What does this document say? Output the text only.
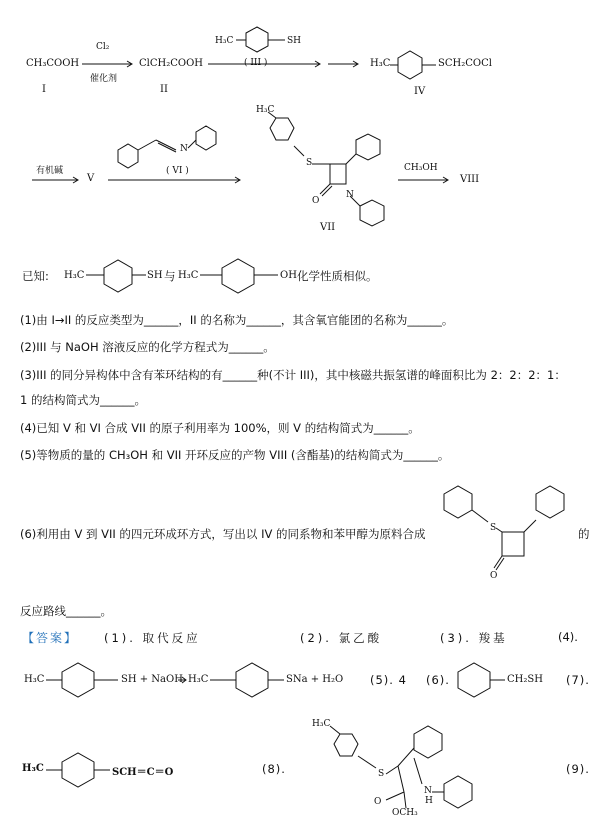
CH₃COOH
I
Cl₂
催化剂
ClCH₂COOH
II
H₃C	SH
( III )	H₃C	SCH₂COCl
IV
有机碱
V
N
( VI )
H₃C
S
N
O
VII
CH₃OH
VIII
已知: H₃C	SH 与 H₃C	OH 化学性质相似。
(1)由 I→II 的反应类型为______，II 的名称为______，其含氧官能团的名称为______。
(2)III 与 NaOH 溶液反应的化学方程式为______。
(3)III 的同分异构体中含有苯环结构的有______种(不计 III)，其中核磁共振氢谱的峰面积比为 2：2：2：1：
1 的结构简式为______。
(4)已知 V 和 VI 合成 VII 的原子利用率为 100%，则 V 的结构简式为______。
(5)等物质的量的 CH₃OH 和 VII 开环反应的产物 VIII (含酯基)的结构简式为______。
(6)利用由 V 到 VII 的四元环成环方式，写出以 IV 的同系物和苯甲醇为原料合成	的
反应路线______。
S
O
【答案】 (1). 取代反应	(2). 氯乙酸	(3). 羧基	(4).
H₃C	SH + NaOH H₃C	SNa + H₂O (5). 4 (6).	CH₂SH (7).
H₃C	SCH＝C＝O	(8).
H₃C
S
N
H
O
OCH₃
(9).
